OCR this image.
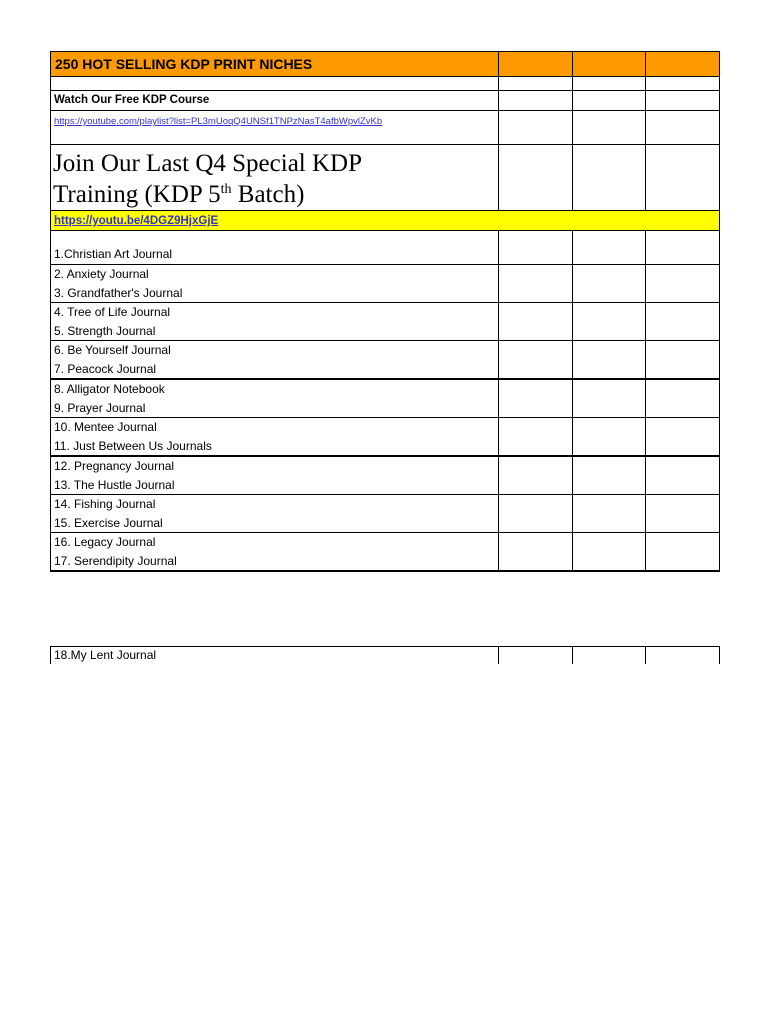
250 HOT SELLING KDP PRINT NICHES			

Watch Our Free KDP Course			
https://youtube.com/playlist?list=PL3mUoqQ4UNSf1TNPzNasT4afbWpvlZvKb			
Join Our Last Q4 Special KDP
Training (KDP 5th Batch)			
https://youtu.be/4DGZ9HjxGjE			

1.Christian Art Journal			

2. Anxiety Journal
3. Grandfather's Journal			

4. Tree of Life Journal
5. Strength Journal			

6. Be Yourself Journal
7. Peacock Journal			

8. Alligator Notebook
9. Prayer Journal			

10. Mentee Journal
11. Just Between Us Journals			

12. Pregnancy Journal
13. The Hustle Journal			

14. Fishing Journal
15. Exercise Journal			

16. Legacy Journal
17. Serendipity Journal			

18.My Lent Journal
